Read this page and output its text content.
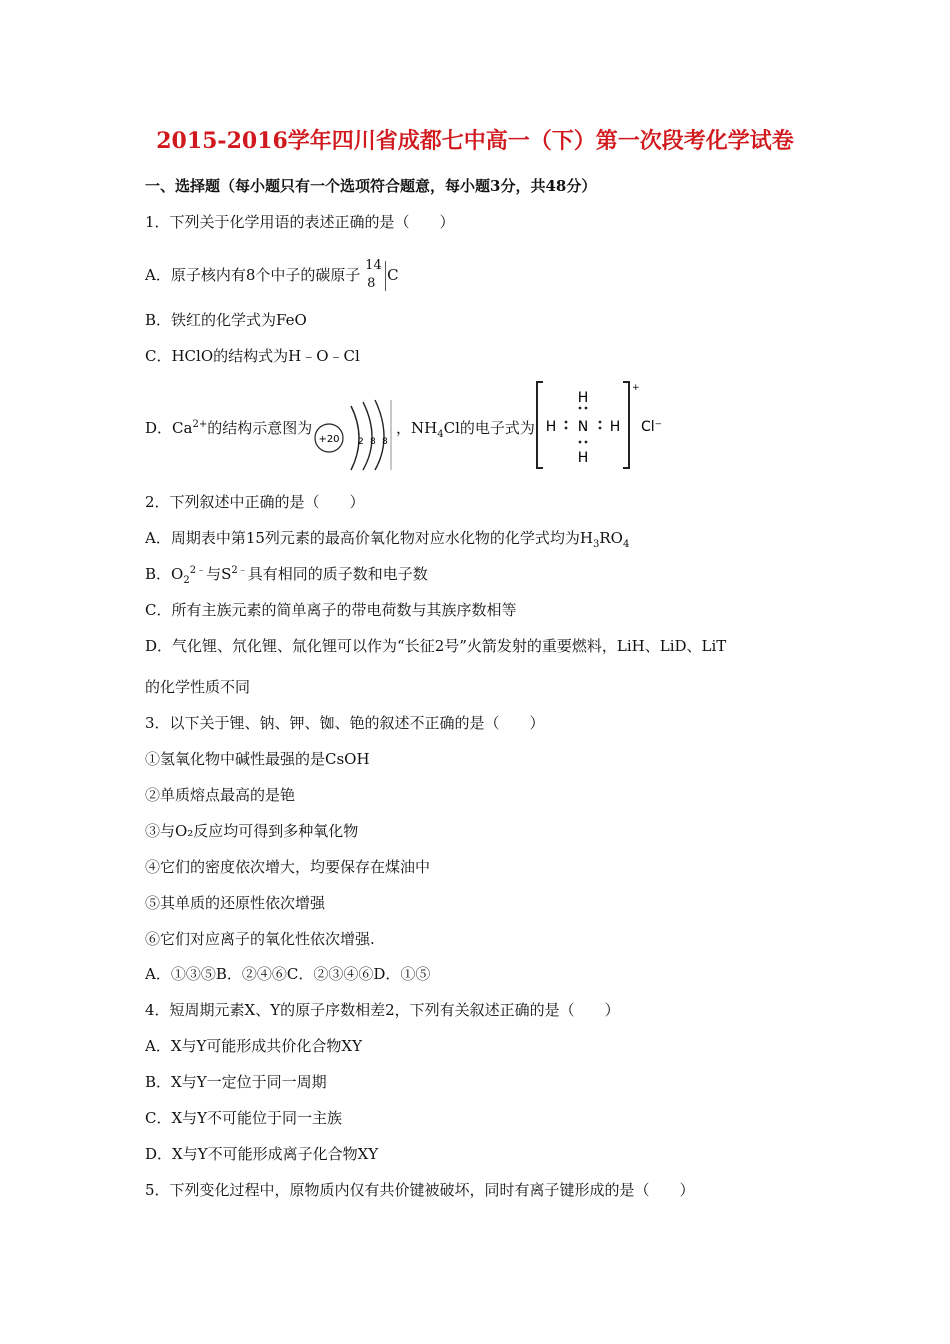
2015-2016学年四川省成都七中高一（下）第一次段考化学试卷
一、选择题（每小题只有一个选项符合题意，每小题3分，共48分）
1．下列关于化学用语的表述正确的是（　　）
A．原子核内有8个中子的碳原子
14
8 C
B．铁红的化学式为FeO
C．HClO的结构式为H﹣O﹣Cl
D．$Ca^{2+}$的结构示意图为
+20 2 8 8
，$NH_4Cl$的电子式为
+
H
H N H
H
Cl⁻
2．下列叙述中正确的是（　　）
A．周期表中第15列元素的最高价氧化物对应水化物的化学式均为$H_3RO_4$
B．$O_2^{2﹣}$与$S^{2﹣}$具有相同的质子数和电子数
C．所有主族元素的简单离子的带电荷数与其族序数相等
D．气化锂、氘化锂、氚化锂可以作为“长征2号”火箭发射的重要燃料，LiH、LiD、LiT
的化学性质不同
3．以下关于锂、钠、钾、铷、铯的叙述不正确的是（　　）
①氢氧化物中碱性最强的是CsOH
②单质熔点最高的是铯
③与O₂反应均可得到多种氧化物
④它们的密度依次增大，均要保存在煤油中
⑤其单质的还原性依次增强
⑥它们对应离子的氧化性依次增强.
A．①③⑤B．②④⑥C．②③④⑥D．①⑤
4．短周期元素X、Y的原子序数相差2，下列有关叙述正确的是（　　）
A．X与Y可能形成共价化合物XY
B．X与Y一定位于同一周期
C．X与Y不可能位于同一主族
D．X与Y不可能形成离子化合物XY
5．下列变化过程中，原物质内仅有共价键被破坏，同时有离子键形成的是（　　）
